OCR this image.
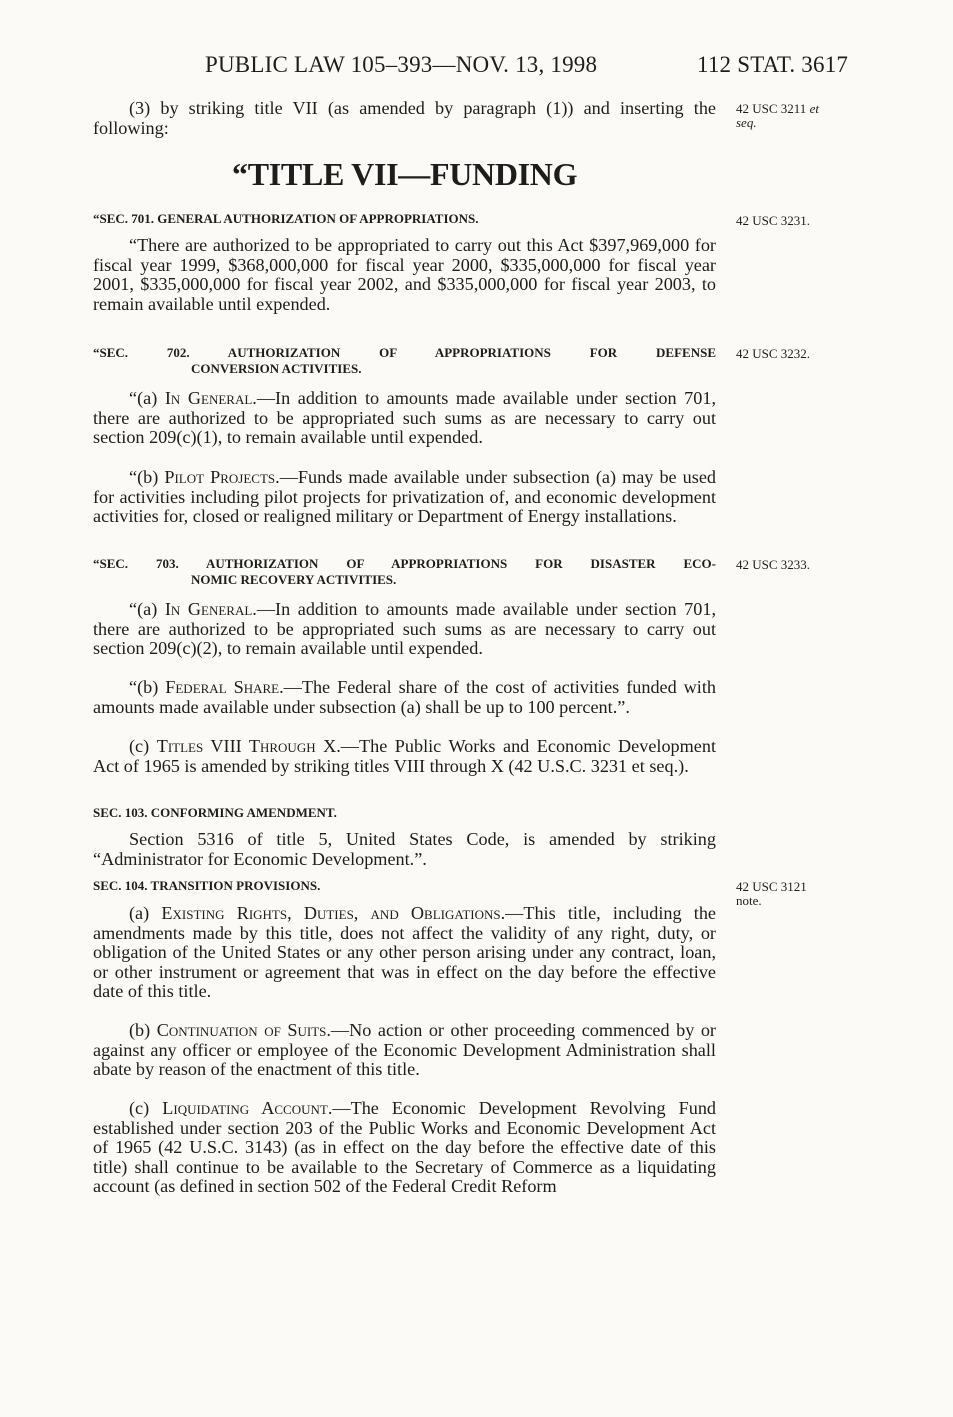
PUBLIC LAW 105–393—NOV. 13, 1998	112 STAT. 3617

(3) by striking title VII (as amended by paragraph (1)) and inserting the following:

“TITLE VII—FUNDING

“SEC. 701. GENERAL AUTHORIZATION OF APPROPRIATIONS.

“There are authorized to be appropriated to carry out this Act $397,969,000 for fiscal year 1999, $368,000,000 for fiscal year 2000, $335,000,000 for fiscal year 2001, $335,000,000 for fiscal year 2002, and $335,000,000 for fiscal year 2003, to remain available until expended.

“SEC. 702. AUTHORIZATION OF APPROPRIATIONS FOR DEFENSE
CONVERSION ACTIVITIES.

“(a) In General.—In addition to amounts made available under section 701, there are authorized to be appropriated such sums as are necessary to carry out section 209(c)(1), to remain available until expended.

“(b) Pilot Projects.—Funds made available under subsection (a) may be used for activities including pilot projects for privatization of, and economic development activities for, closed or realigned military or Department of Energy installations.

“SEC. 703. AUTHORIZATION OF APPROPRIATIONS FOR DISASTER ECO-
NOMIC RECOVERY ACTIVITIES.

“(a) In General.—In addition to amounts made available under section 701, there are authorized to be appropriated such sums as are necessary to carry out section 209(c)(2), to remain available until expended.

“(b) Federal Share.—The Federal share of the cost of activities funded with amounts made available under subsection (a) shall be up to 100 percent.”.

(c) Titles VIII Through X.—The Public Works and Economic Development Act of 1965 is amended by striking titles VIII through X (42 U.S.C. 3231 et seq.).

SEC. 103. CONFORMING AMENDMENT.

Section 5316 of title 5, United States Code, is amended by striking “Administrator for Economic Development.”.

SEC. 104. TRANSITION PROVISIONS.

(a) Existing Rights, Duties, and Obligations.—This title, including the amendments made by this title, does not affect the validity of any right, duty, or obligation of the United States or any other person arising under any contract, loan, or other instrument or agreement that was in effect on the day before the effective date of this title.

(b) Continuation of Suits.—No action or other proceeding commenced by or against any officer or employee of the Economic Development Administration shall abate by reason of the enactment of this title.

(c) Liquidating Account.—The Economic Development Revolving Fund established under section 203 of the Public Works and Economic Development Act of 1965 (42 U.S.C. 3143) (as in effect on the day before the effective date of this title) shall continue to be available to the Secretary of Commerce as a liquidating account (as defined in section 502 of the Federal Credit Reform

42 USC 3211 et
seq.
42 USC 3231.
42 USC 3232.
42 USC 3233.
42 USC 3121
note.
